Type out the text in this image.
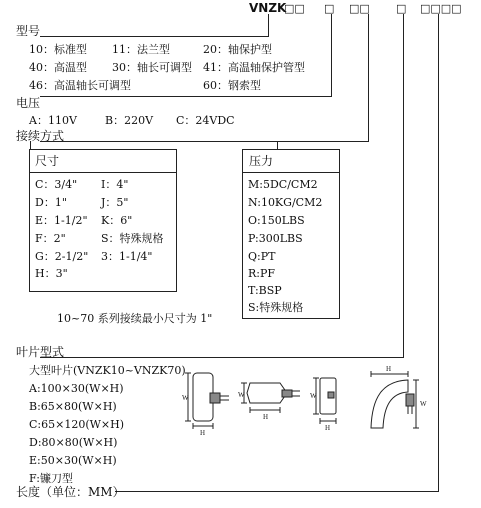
VNZK
□□ □ □□ □ □□□□
型号
10：标准型 11：法兰型	20：轴保护型
40：高温型 30：轴长可调型 41：高温轴保护管型
46：高温轴长可调型	60：钢索型
电压
A：110V	B：220V C：24VDC
接续方式
尺寸
C：3/4"
D：1"
E：1-1/2"
F：2"
G：2-1/2"
H：3"
I：4"
J：5"
K：6"
S：特殊规格
3：1-1/4"
压力
M:5DC/CM2
N:10KG/CM2
O:150LBS
P:300LBS
Q:PT
R:PF
T:BSP
S:特殊规格
10~70 系列接续最小尺寸为 1"
叶片型式
大型叶片(VNZK10~VNZK70)
A:100×30(W×H)
B:65×80(W×H)
C:65×120(W×H)
D:80×80(W×H)
E:50×30(W×H)
F:镰刀型
长度（单位：MM）
W
H
W
H
W
H
H
W
